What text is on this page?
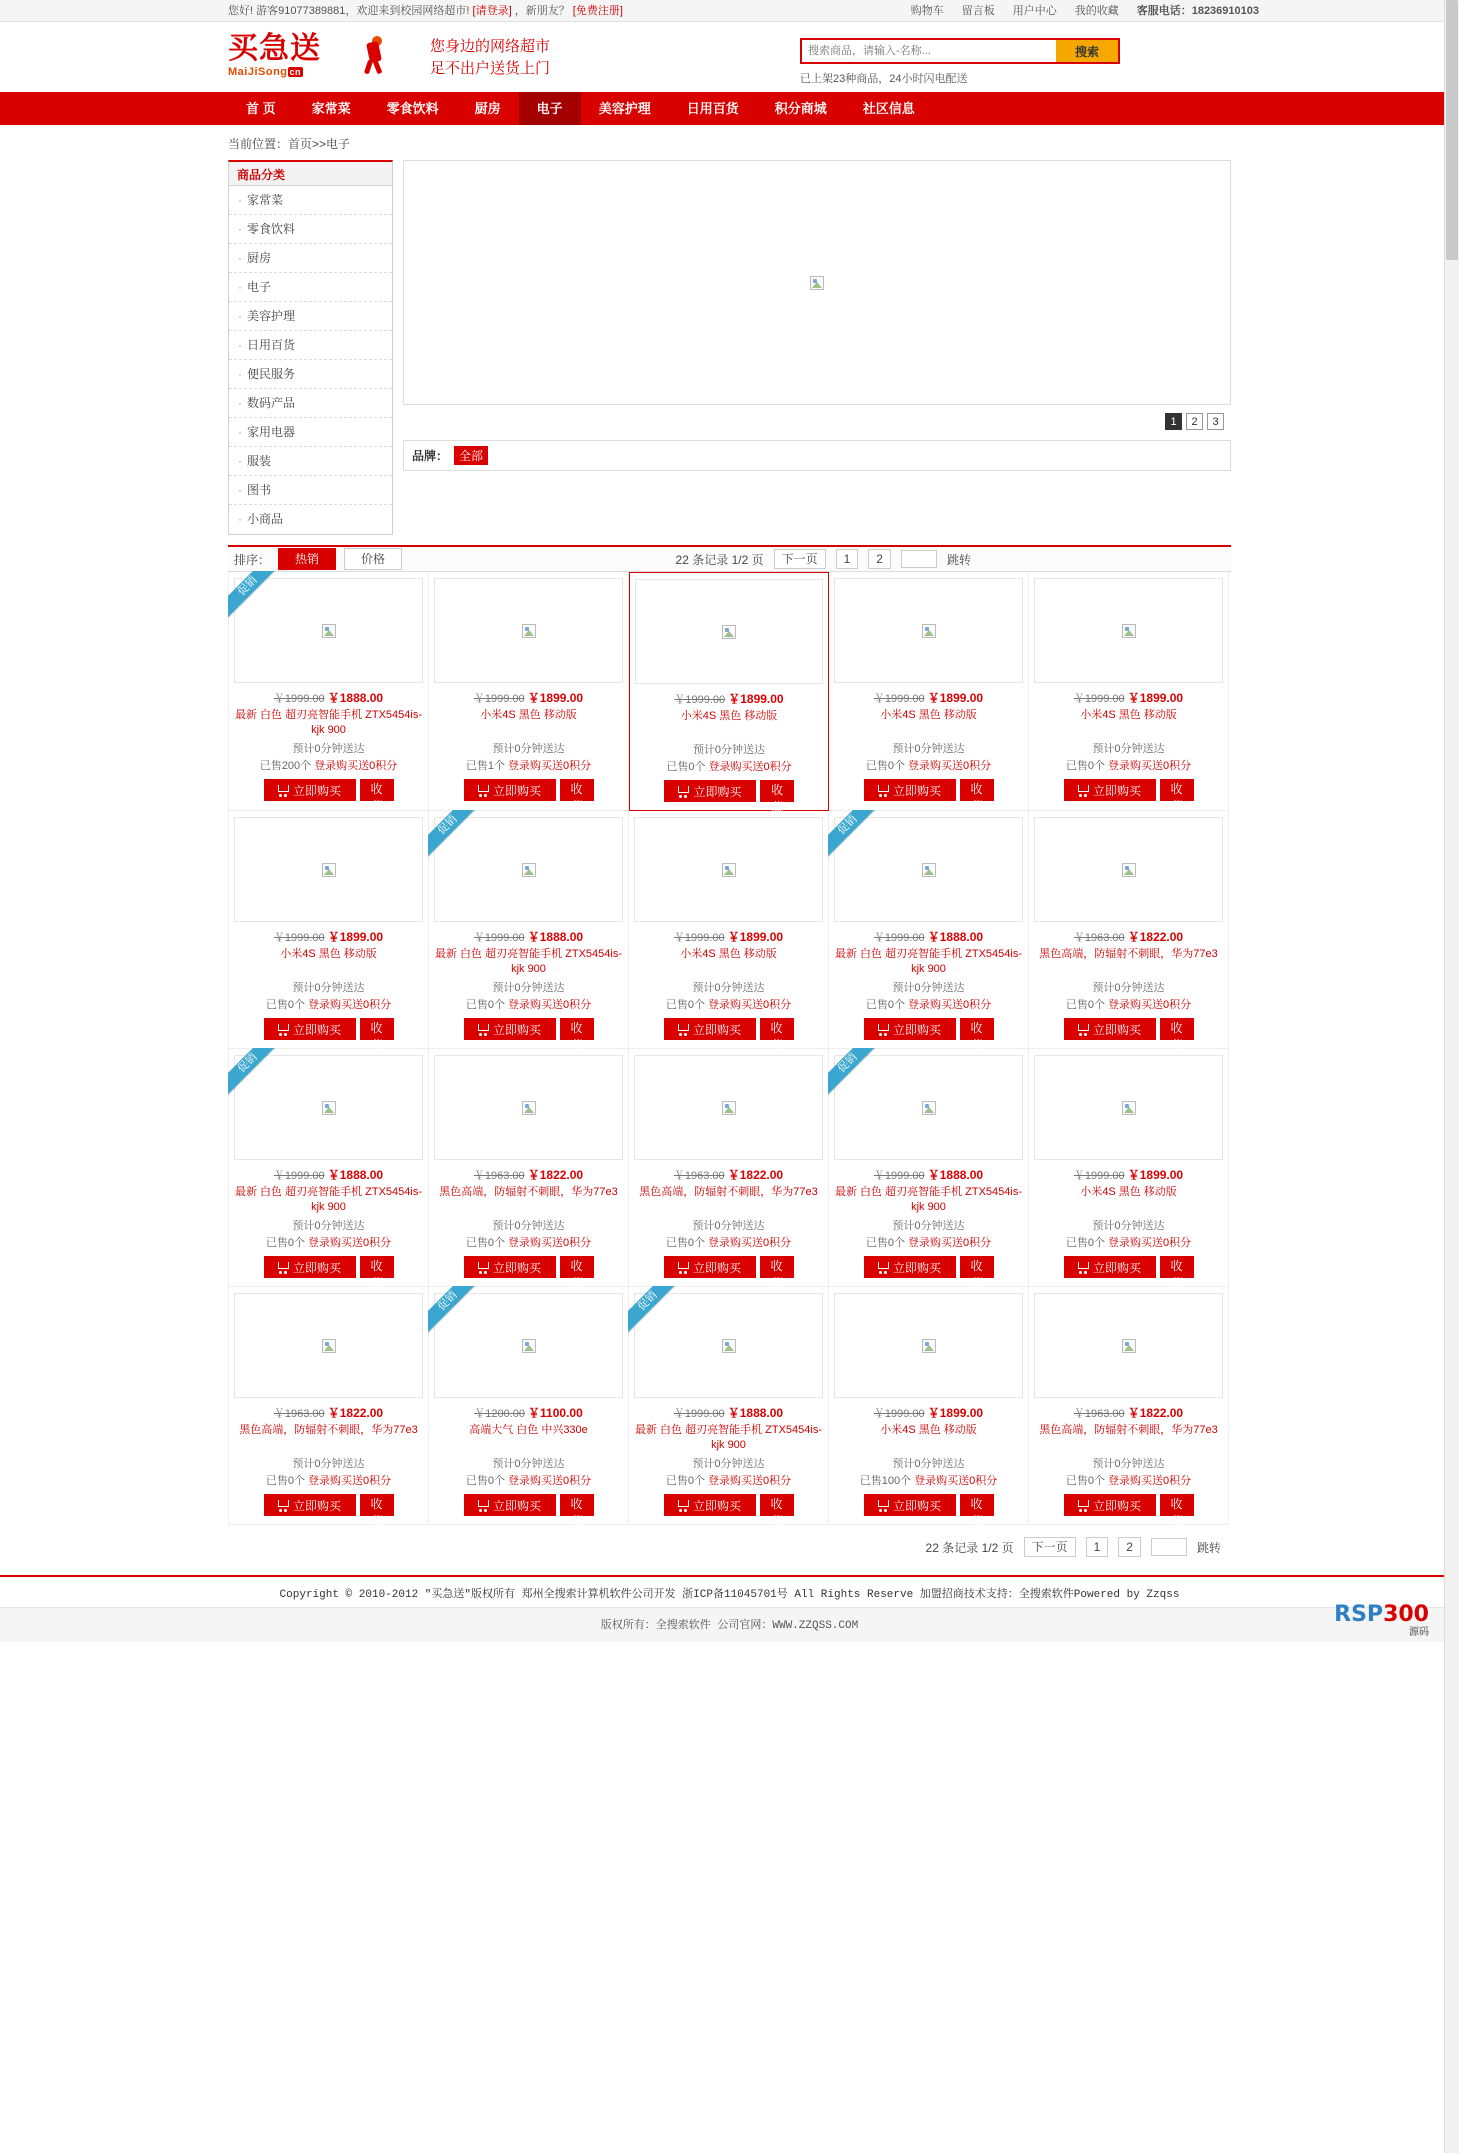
您好! 游客91077389881，欢迎来到校园网络超市! [请登录] ，新朋友？ [免费注册]	购物车 留言板 用户中心 我的收藏 客服电话：18236910103
买急送
MaiJiSong cn
您身边的网络超市
足不出户送货上门
搜索商品，请输入-名称...
搜索
已上架23种商品，24小时闪电配送
首 页	家常菜	零食饮料	厨房	电子	美容护理	日用百货	积分商城	社区信息
当前位置：首页>>电子
商品分类
· 家常菜
· 零食饮料
· 厨房
· 电子
· 美容护理
· 日用百货
· 便民服务
· 数码产品
· 家用电器
· 服装
· 图书
· 小商品
1	2	3
品牌： 全部
排序：	热销	价格	22 条记录 1/2 页	下一页	1	2	跳转
促销
￥1999.00 ￥1888.00
最新 白色 超刃亮智能手机 ZTX5454is-kjk 900
预计0分钟送达
已售200个 登录购买送0积分
立即购买	收藏
￥1999.00 ￥1899.00
小米4S 黑色 移动版
预计0分钟送达
已售1个 登录购买送0积分
立即购买	收藏
￥1999.00 ￥1899.00
小米4S 黑色 移动版
预计0分钟送达
已售0个 登录购买送0积分
立即购买	收藏
￥1999.00 ￥1899.00
小米4S 黑色 移动版
预计0分钟送达
已售0个 登录购买送0积分
立即购买	收藏
￥1999.00 ￥1899.00
小米4S 黑色 移动版
预计0分钟送达
已售0个 登录购买送0积分
立即购买	收藏
￥1999.00 ￥1899.00
小米4S 黑色 移动版
预计0分钟送达
已售0个 登录购买送0积分
立即购买	收藏
促销
￥1999.00 ￥1888.00
最新 白色 超刃亮智能手机 ZTX5454is-kjk 900
预计0分钟送达
已售0个 登录购买送0积分
立即购买	收藏
￥1999.00 ￥1899.00
小米4S 黑色 移动版
预计0分钟送达
已售0个 登录购买送0积分
立即购买	收藏
促销
￥1999.00 ￥1888.00
最新 白色 超刃亮智能手机 ZTX5454is-kjk 900
预计0分钟送达
已售0个 登录购买送0积分
立即购买	收藏
￥1963.00 ￥1822.00
黑色高端，防辐射不刺眼，华为77e3
预计0分钟送达
已售0个 登录购买送0积分
立即购买	收藏
促销
￥1999.00 ￥1888.00
最新 白色 超刃亮智能手机 ZTX5454is-kjk 900
预计0分钟送达
已售0个 登录购买送0积分
立即购买	收藏
￥1963.00 ￥1822.00
黑色高端，防辐射不刺眼，华为77e3
预计0分钟送达
已售0个 登录购买送0积分
立即购买	收藏
￥1963.00 ￥1822.00
黑色高端，防辐射不刺眼，华为77e3
预计0分钟送达
已售0个 登录购买送0积分
立即购买	收藏
促销
￥1999.00 ￥1888.00
最新 白色 超刃亮智能手机 ZTX5454is-kjk 900
预计0分钟送达
已售0个 登录购买送0积分
立即购买	收藏
￥1999.00 ￥1899.00
小米4S 黑色 移动版
预计0分钟送达
已售0个 登录购买送0积分
立即购买	收藏
￥1963.00 ￥1822.00
黑色高端，防辐射不刺眼，华为77e3
预计0分钟送达
已售0个 登录购买送0积分
立即购买	收藏
促销
￥1200.00 ￥1100.00
高端大气 白色 中兴330e
预计0分钟送达
已售0个 登录购买送0积分
立即购买	收藏
促销
￥1999.00 ￥1888.00
最新 白色 超刃亮智能手机 ZTX5454is-kjk 900
预计0分钟送达
已售0个 登录购买送0积分
立即购买	收藏
￥1999.00 ￥1899.00
小米4S 黑色 移动版
预计0分钟送达
已售100个 登录购买送0积分
立即购买	收藏
￥1963.00 ￥1822.00
黑色高端，防辐射不刺眼，华为77e3
预计0分钟送达
已售0个 登录购买送0积分
立即购买	收藏
22 条记录 1/2 页	下一页	1	2	跳转
Copyright © 2010-2012 "买急送"版权所有 郑州全搜索计算机软件公司开发 浙ICP备11045701号 All Rights Reserve 加盟招商技术支持：全搜索软件Powered by Zzqss
版权所有：全搜索软件 公司官网：WWW.ZZQSS.COM	RSP300
源码
